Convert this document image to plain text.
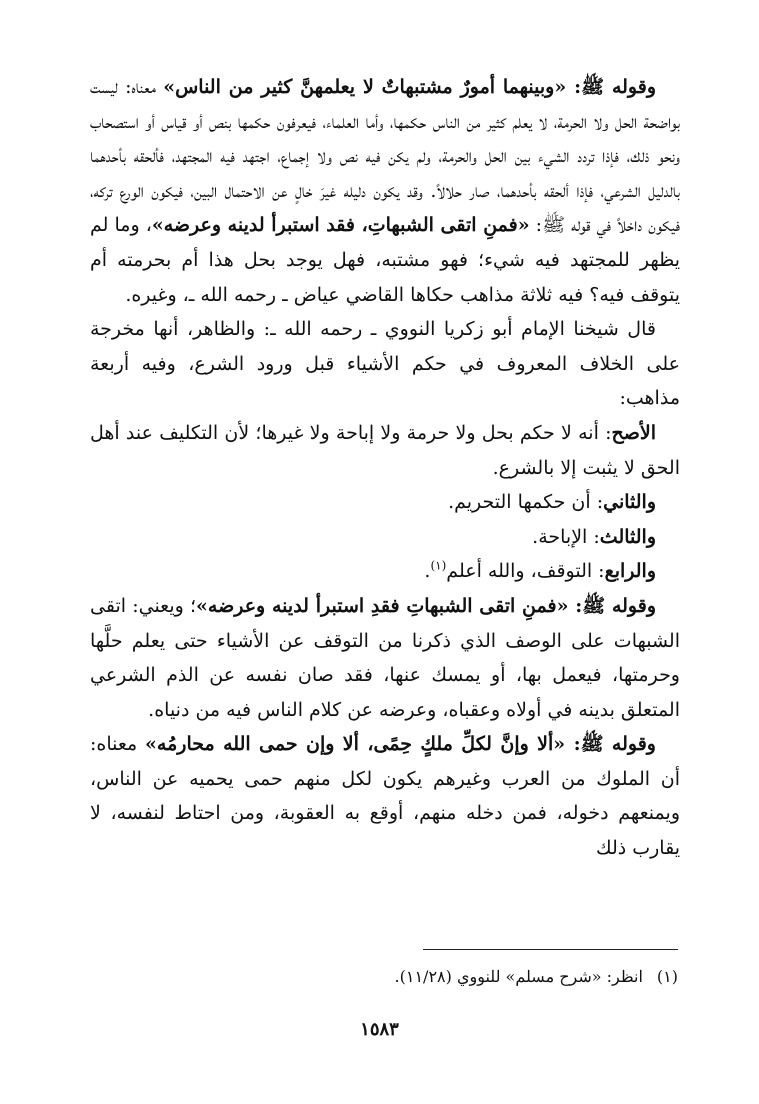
وقوله ﷺ: «وبينهما أمورٌ مشتبهاتٌ لا يعلمهنَّ كثير من الناس» معناه: ليست بواضحة الحل ولا الحرمة، لا يعلم كثير من الناس حكمها، وأما العلماء، فيعرفون حكمها بنص أو قياس أو استصحاب ونحو ذلك، فإذا تردد الشيء بين الحل والحرمة، ولم يكن فيه نص ولا إجماع، اجتهد فيه المجتهد، فألحقه بأحدهما بالدليل الشرعي، فإذا ألحقه بأحدهما، صار حلالاً. وقد يكون دليله غيرَ خالٍ عن الاحتمال البين، فيكون الورع تركه، فيكون داخلاً في قوله ﷺ: «فمنِ اتقى الشبهاتِ، فقد استبرأ لدينه وعرضه»، وما لم يظهر للمجتهد فيه شيء؛ فهو مشتبه، فهل يوجد بحل هذا أم بحرمته أم يتوقف فيه؟ فيه ثلاثة مذاهب حكاها القاضي عياض ـ رحمه الله ـ، وغيره.

قال شيخنا الإمام أبو زكريا النووي ـ رحمه الله ـ: والظاهر، أنها مخرجة على الخلاف المعروف في حكم الأشياء قبل ورود الشرع، وفيه أربعة مذاهب:

الأصح: أنه لا حكم بحل ولا حرمة ولا إباحة ولا غيرها؛ لأن التكليف عند أهل الحق لا يثبت إلا بالشرع.

والثاني: أن حكمها التحريم.

والثالث: الإباحة.

والرابع: التوقف، والله أعلم$^{(١)}$.

وقوله ﷺ: «فمنِ اتقى الشبهاتِ فقدِ استبرأ لدينه وعرضه»؛ ويعني: اتقى الشبهات على الوصف الذي ذكرنا من التوقف عن الأشياء حتى يعلم حلَّها وحرمتها، فيعمل بها، أو يمسك عنها، فقد صان نفسه عن الذم الشرعي المتعلق بدينه في أولاه وعقباه، وعرضه عن كلام الناس فيه من دنياه.

وقوله ﷺ: «ألا وإنَّ لكلِّ ملكٍ حِمًى، ألا وإن حمى الله محارمُه» معناه: أن الملوك من العرب وغيرهم يكون لكل منهم حمى يحميه عن الناس، ويمنعهم دخوله، فمن دخله منهم، أوقع به العقوبة، ومن احتاط لنفسه، لا يقارب ذلك

(١)انظر: «شرح مسلم» للنووي (١١/٢٨).
١٥٨٣
